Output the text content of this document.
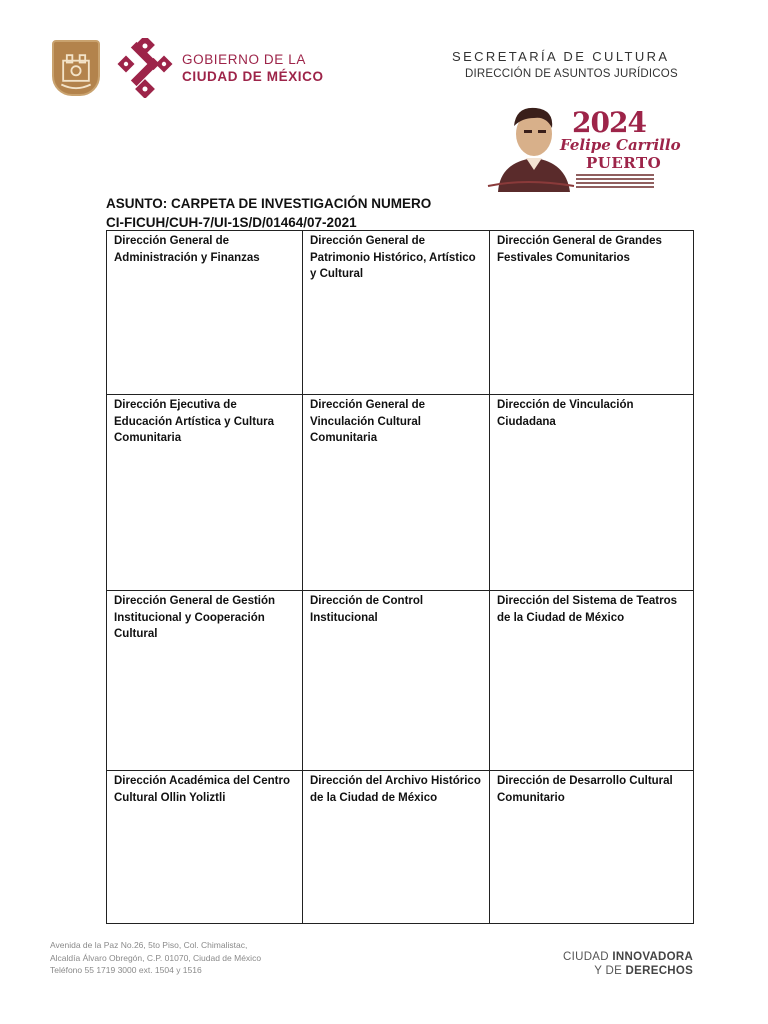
GOBIERNO DE LA
CIUDAD DE MÉXICO
SECRETARÍA DE CULTURA
DIRECCIÓN DE ASUNTOS JURÍDICOS
2024
Felipe Carrillo
PUERTO
ASUNTO: CARPETA DE INVESTIGACIÓN NUMERO
CI-FICUH/CUH-7/UI-1S/D/01464/07-2021
Dirección General de Administración y Finanzas
Dirección General de Patrimonio Histórico, Artístico y Cultural
Dirección General de Grandes Festivales Comunitarios
Dirección Ejecutiva de Educación Artística y Cultura Comunitaria
Dirección General de Vinculación Cultural Comunitaria
Dirección de Vinculación Ciudadana
Dirección General de Gestión Institucional y Cooperación Cultural
Dirección de Control Institucional
Dirección del Sistema de Teatros de la Ciudad de México
Dirección Académica del Centro Cultural Ollin Yoliztli
Dirección del Archivo Histórico de la Ciudad de México
Dirección de Desarrollo Cultural Comunitario
Avenida de la Paz No.26, 5to Piso, Col. Chimalistac,
Alcaldía Álvaro Obregón, C.P. 01070, Ciudad de México
Teléfono 55 1719 3000 ext. 1504 y 1516
CIUDAD INNOVADORA
Y DE DERECHOS
